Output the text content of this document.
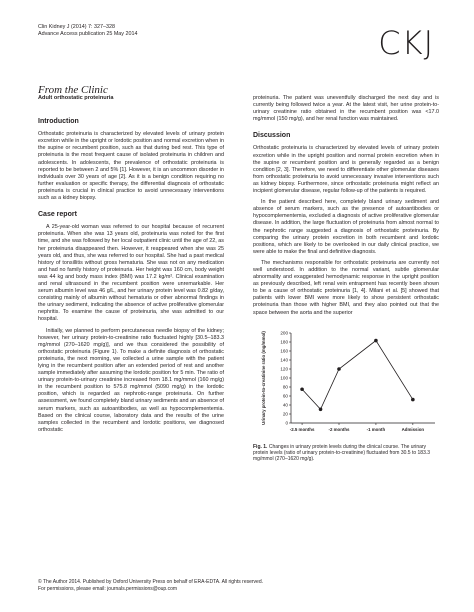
Clin Kidney J (2014) 7: 327–328
Advance Access publication 25 May 2014	CKJ
From the Clinic
Adult orthostatic proteinuria
Introduction

Orthostatic proteinuria is characterized by elevated levels of urinary protein excretion while in the upright or lordotic position and normal excretion when in the supine or recumbent position, such as that during bed rest. This type of proteinuria is the most frequent cause of isolated proteinuria in children and adolescents. In adolescents, the prevalence of orthostatic proteinuria is reported to be between 2 and 5% [1]. However, it is an uncommon disorder in individuals over 30 years of age [2]. As it is a benign condition requiring no further evaluation or specific therapy, the differential diagnosis of orthostatic proteinuria is crucial in clinical practice to avoid unnecessary interventions such as a kidney biopsy.

Case report

A 25-year-old woman was referred to our hospital because of recurrent proteinuria. When she was 13 years old, proteinuria was noted for the first time, and she was followed by her local outpatient clinic until the age of 22, as her proteinuria disappeared then. However, it reappeared when she was 25 years old, and thus, she was referred to our hospital. She had a past medical history of tonsillitis without gross hematuria. She was not on any medication and had no family history of proteinuria. Her height was 160 cm, body weight was 44 kg and body mass index (BMI) was 17.2 kg/m². Clinical examination and renal ultrasound in the recumbent position were unremarkable. Her serum albumin level was 46 g/L, and her urinary protein level was 0.82 g/day, consisting mainly of albumin without hematuria or other abnormal findings in the urinary sediment, indicating the absence of active proliferative glomerular nephritis. To examine the cause of proteinuria, she was admitted to our hospital.

Initially, we planned to perform percutaneous needle biopsy of the kidney; however, her urinary protein-to-creatinine ratio fluctuated highly [30.5–183.3 mg/mmol (270–1620 mg/g)], and we thus considered the possibility of orthostatic proteinuria (Figure 1). To make a definite diagnosis of orthostatic proteinuria, the next morning, we collected a urine sample with the patient lying in the recumbent position after an extended period of rest and another sample immediately after assuming the lordotic position for 5 min. The ratio of urinary protein-to-urinary creatinine increased from 18.1 mg/mmol (160 mg/g) in the recumbent position to 575.8 mg/mmol (5090 mg/g) in the lordotic position, which is regarded as nephrotic-range proteinuria. On further assessment, we found completely bland urinary sediments and an absence of serum markers, such as autoantibodies, as well as hypocomplementemia. Based on the clinical course, laboratory data and the results of the urine samples collected in the recumbent and lordotic positions, we diagnosed orthostatic

proteinuria. The patient was uneventfully discharged the next day and is currently being followed twice a year. At the latest visit, her urine protein-to-urinary creatinine ratio obtained in the recumbent position was <17.0 mg/mmol (150 mg/g), and her renal function was maintained.

Discussion

Orthostatic proteinuria is characterized by elevated levels of urinary protein excretion while in the upright position and normal protein excretion when in the supine or recumbent position and is generally regarded as a benign condition [2, 3]. Therefore, we need to differentiate other glomerular diseases from orthostatic proteinuria to avoid unnecessary invasive interventions such as kidney biopsy. Furthermore, since orthostatic proteinuria might reflect an incipient glomerular disease, regular follow-up of the patients is required.

In the patient described here, completely bland urinary sediment and absence of serum markers, such as the presence of autoantibodies or hypocomplementemia, excluded a diagnosis of active proliferative glomerular disease. In addition, the large fluctuation of proteinuria from almost normal to the nephrotic range suggested a diagnosis of orthostatic proteinuria. By comparing the urinary protein excretion in both recumbent and lordotic positions, which are likely to be overlooked in our daily clinical practice, we were able to make the final and definitive diagnosis.

The mechanisms responsible for orthostatic proteinuria are currently not well understood. In addition to the normal variant, subtle glomerular abnormality and exaggerated hemodynamic response in the upright position as previously described, left renal vein entrapment has recently been shown to be a cause of orthostatic proteinuria [1, 4]. Milani et al. [5] showed that patients with lower BMI were more likely to show persistent orthostatic proteinuria than those with higher BMI, and they also pointed out that the space between the aorta and the superior

0
20
40
60
80
100
120
140
160
180
200
-2.5 months	-2 months	-1 month	Admission
Urinary protein-to-creatinine ratio (mg/mmol)
Fig. 1. Changes in urinary protein levels during the clinical course. The urinary protein levels (ratio of urinary protein-to-creatinine) fluctuated from 30.5 to 183.3 mg/mmol (270–1620 mg/g).
© The Author 2014. Published by Oxford University Press on behalf of ERA-EDTA. All rights reserved.
For permissions, please email: journals.permissions@oup.com
